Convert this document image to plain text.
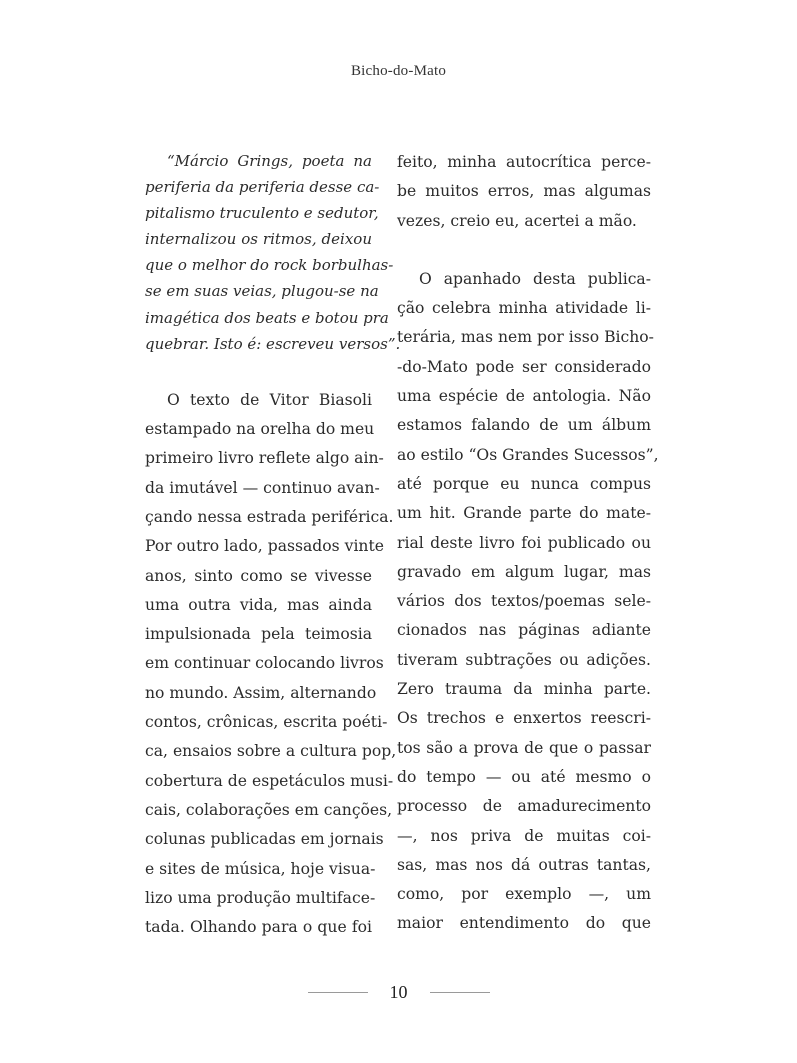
Bicho-do-Mato

“Márcio Grings, poeta na
periferia da periferia desse ca-
pitalismo truculento e sedutor,
internalizou os ritmos, deixou
que o melhor do rock borbulhas-
se em suas veias, plugou-se na
imagética dos beats e botou pra
quebrar. Isto é: escreveu versos”.

O texto de Vitor Biasoli
estampado na orelha do meu
primeiro livro reflete algo ain-
da imutável — continuo avan-
çando nessa estrada periférica.
Por outro lado, passados vinte
anos, sinto como se vivesse
uma outra vida, mas ainda
impulsionada pela teimosia
em continuar colocando livros
no mundo. Assim, alternando
contos, crônicas, escrita poéti-
ca, ensaios sobre a cultura pop,
cobertura de espetáculos musi-
cais, colaborações em canções,
colunas publicadas em jornais
e sites de música, hoje visua-
lizo uma produção multiface-
tada. Olhando para o que foi

feito, minha autocrítica perce-
be muitos erros, mas algumas
vezes, creio eu, acertei a mão.

O apanhado desta publica-
ção celebra minha atividade li-
terária, mas nem por isso Bicho-
-do-Mato pode ser considerado
uma espécie de antologia. Não
estamos falando de um álbum
ao estilo “Os Grandes Sucessos”,
até porque eu nunca compus
um hit. Grande parte do mate-
rial deste livro foi publicado ou
gravado em algum lugar, mas
vários dos textos/poemas sele-
cionados nas páginas adiante
tiveram subtrações ou adições.
Zero trauma da minha parte.
Os trechos e enxertos reescri-
tos são a prova de que o passar
do tempo — ou até mesmo o
processo de amadurecimento
—, nos priva de muitas coi-
sas, mas nos dá outras tantas,
como, por exemplo —, um
maior entendimento do que

10
